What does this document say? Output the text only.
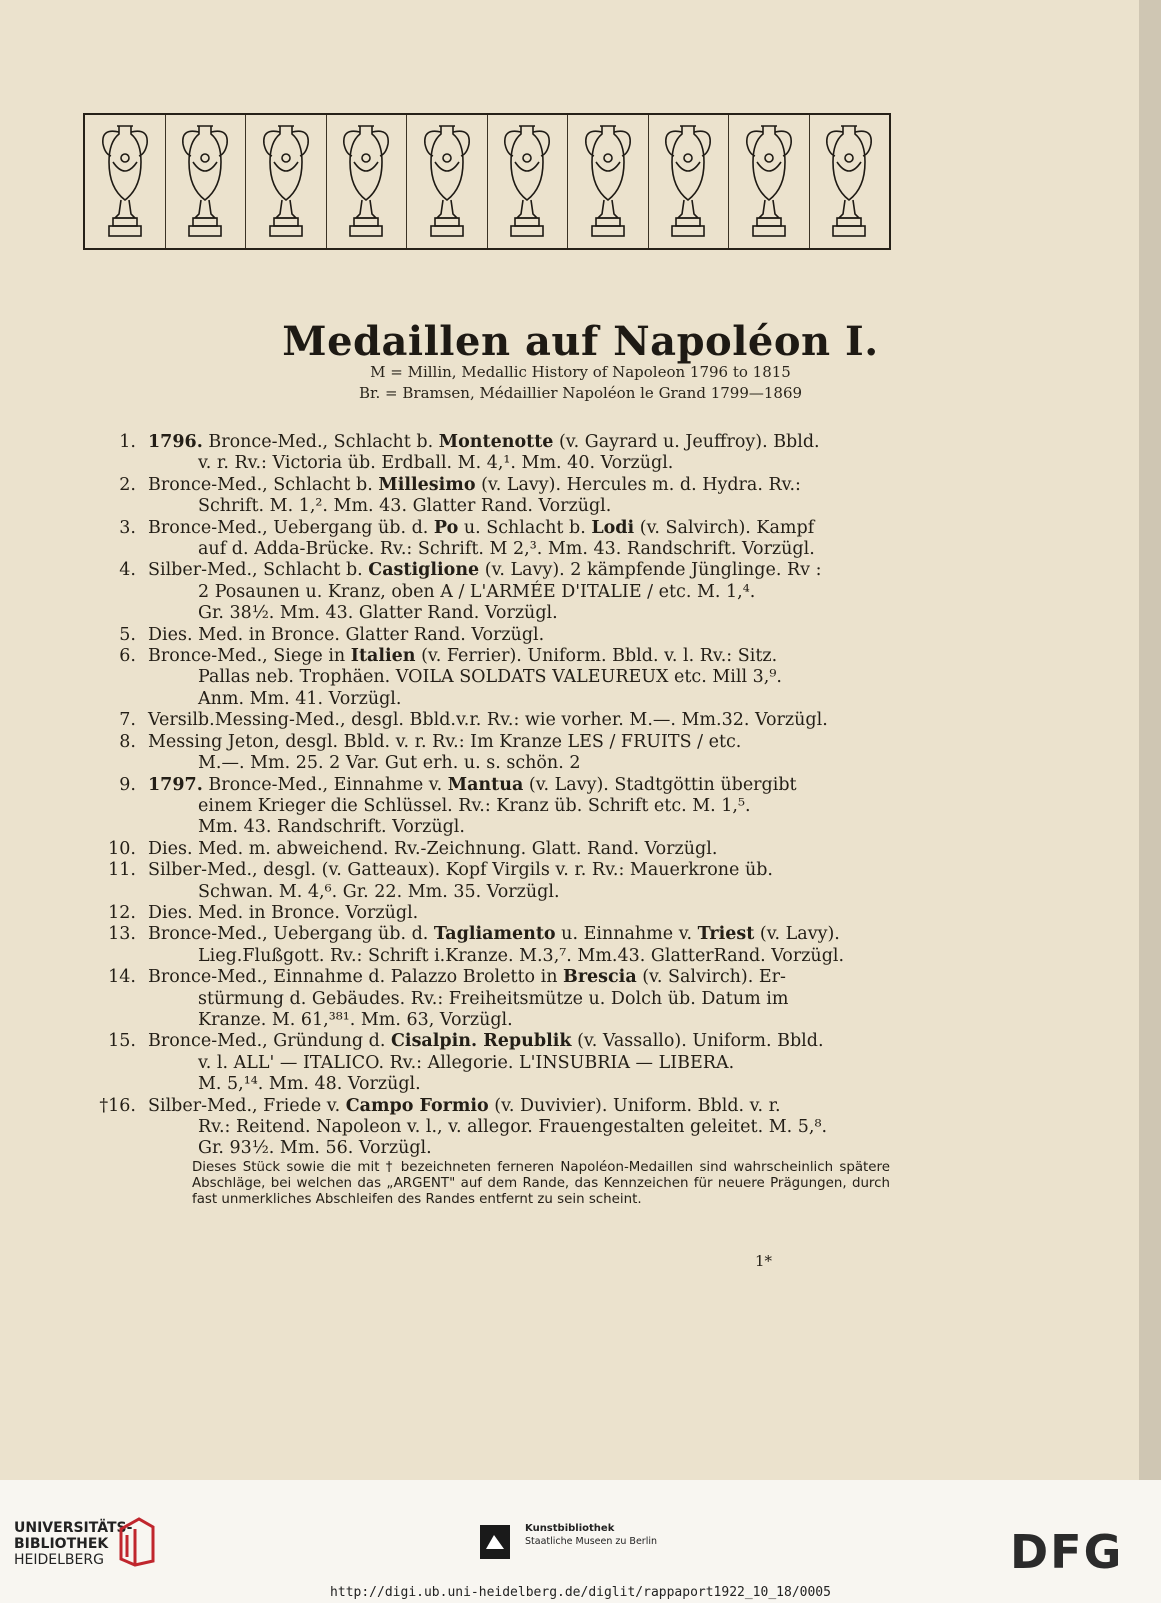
Medaillen auf Napoléon I.
M = Millin, Medallic History of Napoleon 1796 to 1815
Br. = Bramsen, Médaillier Napoléon le Grand 1799—1869
1. 1796. Bronce-Med., Schlacht b. Montenotte (v. Gayrard u. Jeuffroy). Bbld.
v. r. Rv.: Victoria üb. Erdball. M. 4,¹. Mm. 40. Vorzügl.
2. Bronce-Med., Schlacht b. Millesimo (v. Lavy). Hercules m. d. Hydra. Rv.:
Schrift. M. 1,². Mm. 43. Glatter Rand. Vorzügl.
3. Bronce-Med., Uebergang üb. d. Po u. Schlacht b. Lodi (v. Salvirch). Kampf
auf d. Adda-Brücke. Rv.: Schrift. M 2,³. Mm. 43. Randschrift. Vorzügl.
4. Silber-Med., Schlacht b. Castiglione (v. Lavy). 2 kämpfende Jünglinge. Rv :
2 Posaunen u. Kranz, oben A / L'ARMÉE D'ITALIE / etc. M. 1,⁴.
Gr. 38½. Mm. 43. Glatter Rand. Vorzügl.
5. Dies. Med. in Bronce. Glatter Rand. Vorzügl.
6. Bronce-Med., Siege in Italien (v. Ferrier). Uniform. Bbld. v. l. Rv.: Sitz.
Pallas neb. Trophäen. VOILA SOLDATS VALEUREUX etc. Mill 3,⁹.
Anm. Mm. 41. Vorzügl.
7. Versilb.Messing-Med., desgl. Bbld.v.r. Rv.: wie vorher. M.—. Mm.32. Vorzügl.
8. Messing Jeton, desgl. Bbld. v. r. Rv.: Im Kranze LES / FRUITS / etc.
M.—. Mm. 25. 2 Var. Gut erh. u. s. schön. 2
9. 1797. Bronce-Med., Einnahme v. Mantua (v. Lavy). Stadtgöttin übergibt
einem Krieger die Schlüssel. Rv.: Kranz üb. Schrift etc. M. 1,⁵.
Mm. 43. Randschrift. Vorzügl.
10. Dies. Med. m. abweichend. Rv.-Zeichnung. Glatt. Rand. Vorzügl.
11. Silber-Med., desgl. (v. Gatteaux). Kopf Virgils v. r. Rv.: Mauerkrone üb.
Schwan. M. 4,⁶. Gr. 22. Mm. 35. Vorzügl.
12. Dies. Med. in Bronce. Vorzügl.
13. Bronce-Med., Uebergang üb. d. Tagliamento u. Einnahme v. Triest (v. Lavy).
Lieg.Flußgott. Rv.: Schrift i.Kranze. M.3,⁷. Mm.43. GlatterRand. Vorzügl.
14. Bronce-Med., Einnahme d. Palazzo Broletto in Brescia (v. Salvirch). Er-
stürmung d. Gebäudes. Rv.: Freiheitsmütze u. Dolch üb. Datum im
Kranze. M. 61,³⁸¹. Mm. 63, Vorzügl.
15. Bronce-Med., Gründung d. Cisalpin. Republik (v. Vassallo). Uniform. Bbld.
v. l. ALL' — ITALICO. Rv.: Allegorie. L'INSUBRIA — LIBERA.
M. 5,¹⁴. Mm. 48. Vorzügl.
†16. Silber-Med., Friede v. Campo Formio (v. Duvivier). Uniform. Bbld. v. r.
Rv.: Reitend. Napoleon v. l., v. allegor. Frauengestalten geleitet. M. 5,⁸.
Gr. 93½. Mm. 56. Vorzügl.
Dieses Stück sowie die mit † bezeichneten ferneren Napoléon-Medaillen sind wahrscheinlich spätere Abschläge, bei welchen das „ARGENT" auf dem Rande, das Kennzeichen für neuere Prägungen, durch fast unmerkliches Abschleifen des Randes entfernt zu sein scheint.
1*
UNIVERSITÄTS-
BIBLIOTHEK
HEIDELBERG
Kunstbibliothek
Staatliche Museen zu Berlin	DFG
http://digi.ub.uni-heidelberg.de/diglit/rappaport1922_10_18/0005
